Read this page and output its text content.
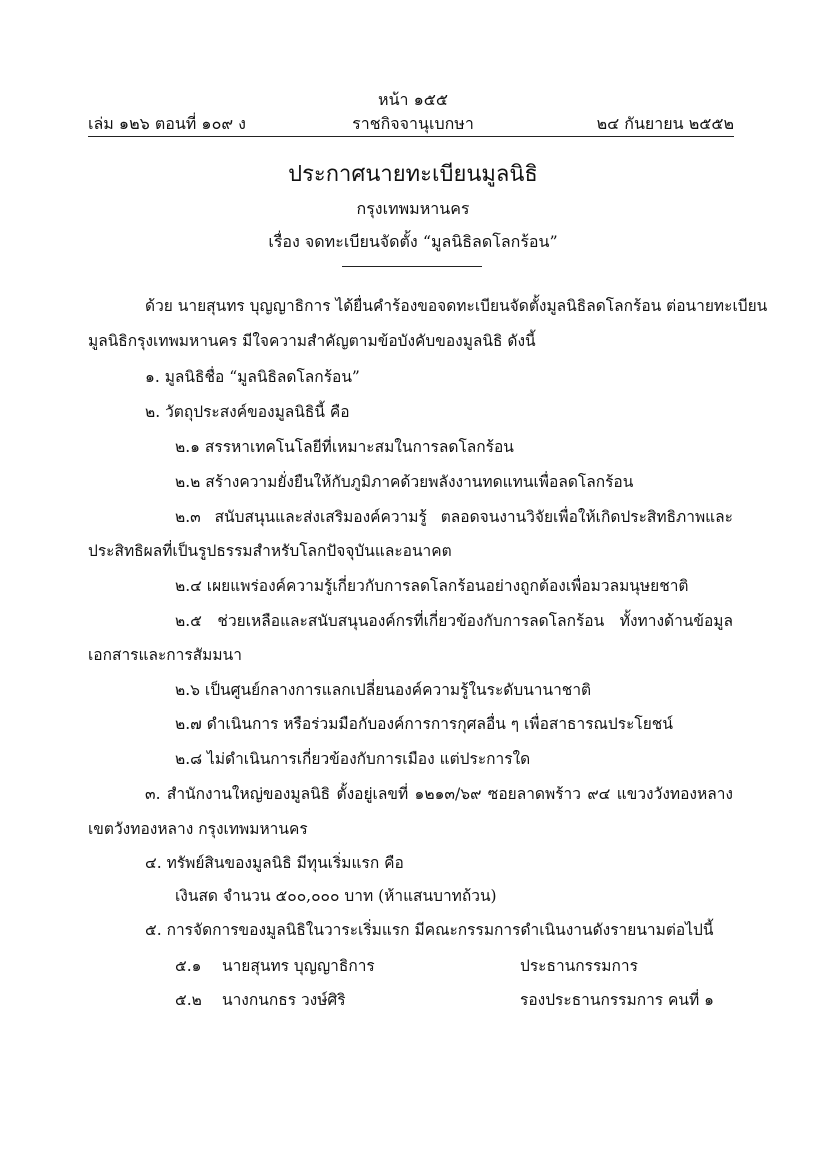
หน้า ๑๕๕
เล่ม ๑๒๖ ตอนที่ ๑๐๙ ง	ราชกิจจานุเบกษา	๒๔ กันยายน ๒๕๕๒
ประกาศนายทะเบียนมูลนิธิ
กรุงเทพมหานคร
เรื่อง จดทะเบียนจัดตั้ง “มูลนิธิลดโลกร้อน”
ด้วย นายสุนทร บุญญาธิการ ได้ยื่นคำร้องขอจดทะเบียนจัดตั้งมูลนิธิลดโลกร้อน ต่อนายทะเบียน
มูลนิธิกรุงเทพมหานคร มีใจความสำคัญตามข้อบังคับของมูลนิธิ ดังนี้
๑. มูลนิธิชื่อ “มูลนิธิลดโลกร้อน”
๒. วัตถุประสงค์ของมูลนิธินี้ คือ
๒.๑ สรรหาเทคโนโลยีที่เหมาะสมในการลดโลกร้อน
๒.๒ สร้างความยั่งยืนให้กับภูมิภาคด้วยพลังงานทดแทนเพื่อลดโลกร้อน
๒.๓ สนับสนุนและส่งเสริมองค์ความรู้ ตลอดจนงานวิจัยเพื่อให้เกิดประสิทธิภาพและ
ประสิทธิผลที่เป็นรูปธรรมสำหรับโลกปัจจุบันและอนาคต
๒.๔ เผยแพร่องค์ความรู้เกี่ยวกับการลดโลกร้อนอย่างถูกต้องเพื่อมวลมนุษยชาติ
๒.๕ ช่วยเหลือและสนับสนุนองค์กรที่เกี่ยวข้องกับการลดโลกร้อน ทั้งทางด้านข้อมูล
เอกสารและการสัมมนา
๒.๖ เป็นศูนย์กลางการแลกเปลี่ยนองค์ความรู้ในระดับนานาชาติ
๒.๗ ดำเนินการ หรือร่วมมือกับองค์การการกุศลอื่น ๆ เพื่อสาธารณประโยชน์
๒.๘ ไม่ดำเนินการเกี่ยวข้องกับการเมือง แต่ประการใด
๓. สำนักงานใหญ่ของมูลนิธิ ตั้งอยู่เลขที่ ๑๒๑๓/๖๙ ซอยลาดพร้าว ๙๔ แขวงวังทองหลาง
เขตวังทองหลาง กรุงเทพมหานคร
๔. ทรัพย์สินของมูลนิธิ มีทุนเริ่มแรก คือ
เงินสด จำนวน ๕๐๐,๐๐๐ บาท (ห้าแสนบาทถ้วน)
๕. การจัดการของมูลนิธิในวาระเริ่มแรก มีคณะกรรมการดำเนินงานดังรายนามต่อไปนี้
๕.๑ นายสุนทร บุญญาธิการ	ประธานกรรมการ
๕.๒ นางกนกธร วงษ์ศิริ	รองประธานกรรมการ คนที่ ๑
